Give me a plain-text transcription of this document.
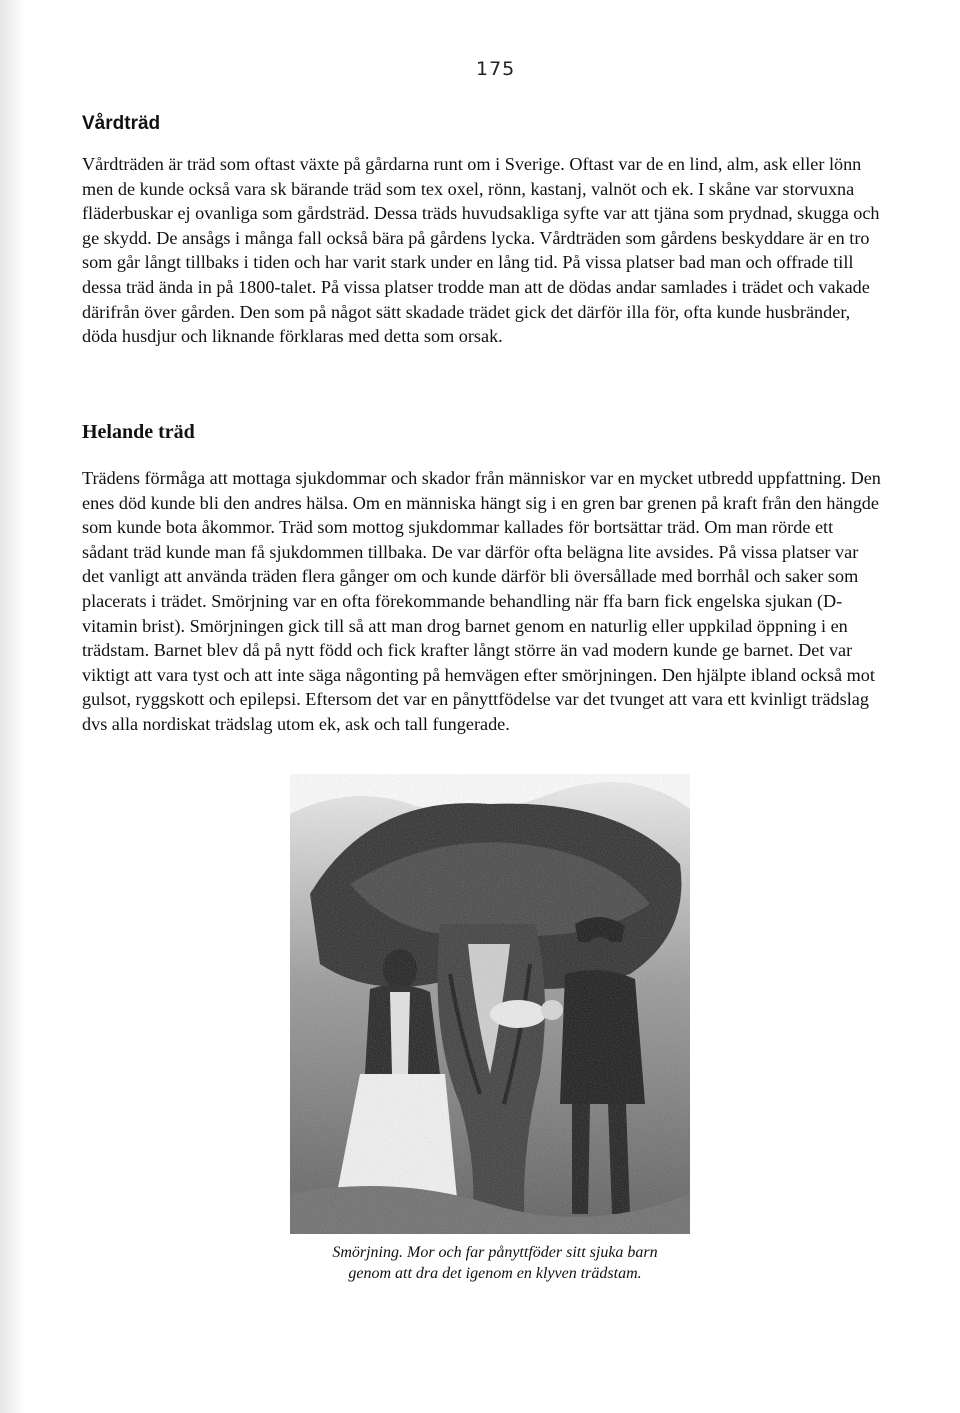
175
Vårdträd

Vårdträden är träd som oftast växte på gårdarna runt om i Sverige. Oftast var de en lind, alm, ask eller lönn men de kunde också vara sk bärande träd som tex oxel, rönn, kastanj, valnöt och ek. I skåne var storvuxna fläderbuskar ej ovanliga som gårdsträd. Dessa träds huvudsakliga syfte var att tjäna som prydnad, skugga och ge skydd. De ansågs i många fall också bära på gårdens lycka. Vårdträden som gårdens beskyddare är en tro som går långt tillbaks i tiden och har varit stark under en lång tid. På vissa platser bad man och offrade till dessa träd ända in på 1800-talet. På vissa platser trodde man att de dödas andar samlades i trädet och vakade därifrån över gården. Den som på något sätt skadade trädet gick det därför illa för, ofta kunde husbränder, döda husdjur och liknande förklaras med detta som orsak.

Helande träd

Trädens förmåga att mottaga sjukdommar och skador från människor var en mycket utbredd uppfattning. Den enes död kunde bli den andres hälsa. Om en människa hängt sig i en gren bar grenen på kraft från den hängde som kunde bota åkommor. Träd som mottog sjukdommar kallades för bortsättar träd. Om man rörde ett sådant träd kunde man få sjukdommen tillbaka. De var därför ofta belägna lite avsides. På vissa platser var det vanligt att använda träden flera gånger om och kunde därför bli översållade med borrhål och saker som placerats i trädet. Smörjning var en ofta förekommande behandling när ffa barn fick engelska sjukan (D-vitamin brist). Smörjningen gick till så att man drog barnet genom en naturlig eller uppkilad öppning i en trädstam. Barnet blev då på nytt född och fick krafter långt större än vad modern kunde ge barnet. Det var viktigt att vara tyst och att inte säga någonting på hemvägen efter smörjningen. Den hjälpte ibland också mot gulsot, ryggskott och epilepsi. Eftersom det var en pånyttfödelse var det tvunget att vara ett kvinligt trädslag dvs alla nordiskat trädslag utom ek, ask och tall fungerade.

Smörjning. Mor och far pånyttföder sitt sjuka barn
genom att dra det igenom en klyven trädstam.
